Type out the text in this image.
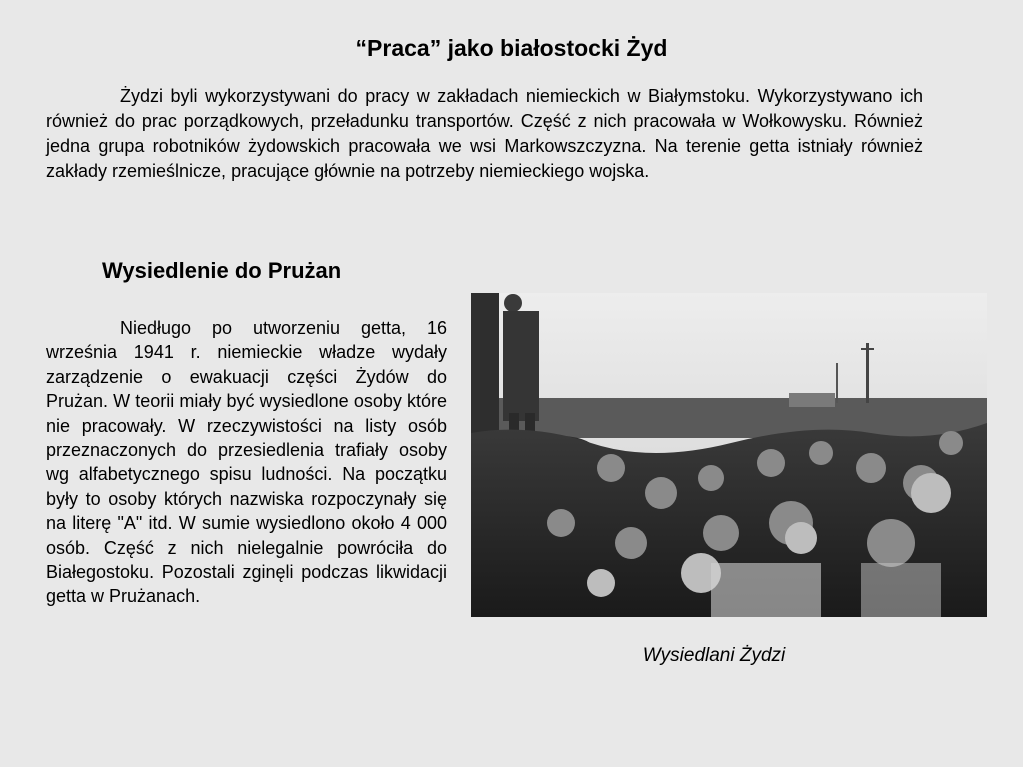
“Praca” jako białostocki Żyd

Żydzi byli wykorzystywani do pracy w zakładach niemieckich w Białymstoku. Wykorzystywano ich również do prac porządkowych, przeładunku transportów. Część z nich pracowała w Wołkowysku. Również jedna grupa robotników żydowskich pracowała we wsi Markowszczyzna. Na terenie getta istniały również zakłady rzemieślnicze, pracujące głównie na potrzeby niemieckiego wojska.

Wysiedlenie do Prużan

Niedługo po utworzeniu getta, 16 września 1941 r. niemieckie władze wydały zarządzenie o ewakuacji części Żydów do Prużan. W teorii miały być wysiedlone osoby które nie pracowały. W rzeczywistości na listy osób przeznaczonych do przesiedlenia trafiały osoby wg alfabetycznego spisu ludności. Na początku były to osoby których nazwiska rozpoczynały się na literę "A" itd. W sumie wysiedlono około 4 000 osób. Część z nich nielegalnie powróciła do Białegostoku. Pozostali zginęli podczas likwidacji getta w Prużanach.

Wysiedlani Żydzi
